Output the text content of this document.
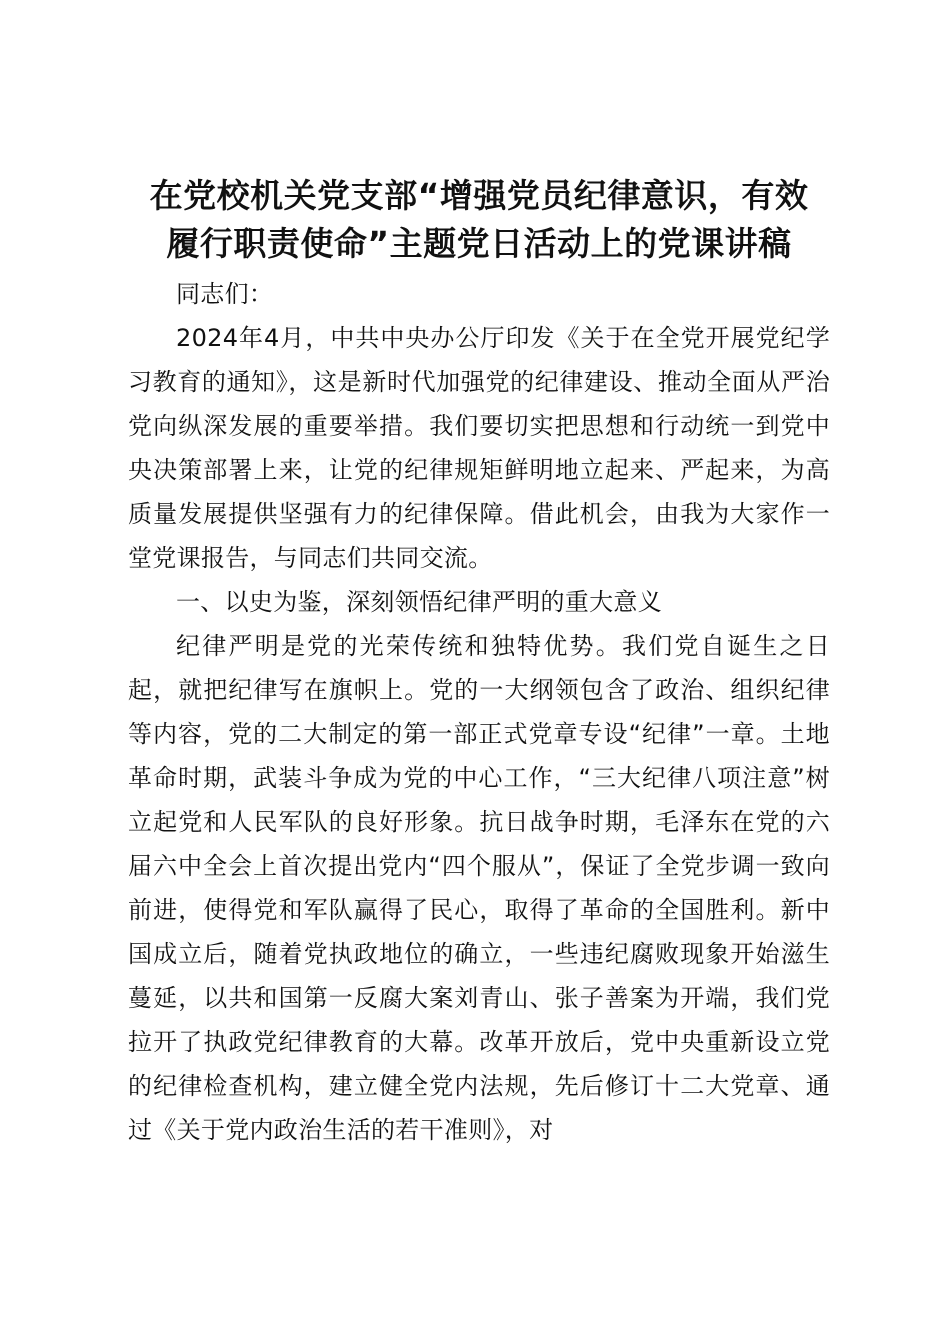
在党校机关党支部“增强党员纪律意识，有效
履行职责使命”主题党日活动上的党课讲稿

同志们：

2024年4月，中共中央办公厅印发《关于在全党开展党纪学习教育的通知》，这是新时代加强党的纪律建设、推动全面从严治党向纵深发展的重要举措。我们要切实把思想和行动统一到党中央决策部署上来，让党的纪律规矩鲜明地立起来、严起来，为高质量发展提供坚强有力的纪律保障。借此机会，由我为大家作一堂党课报告，与同志们共同交流。

一、以史为鉴，深刻领悟纪律严明的重大意义

纪律严明是党的光荣传统和独特优势。我们党自诞生之日起，就把纪律写在旗帜上。党的一大纲领包含了政治、组织纪律等内容，党的二大制定的第一部正式党章专设“纪律”一章。土地革命时期，武装斗争成为党的中心工作，“三大纪律八项注意”树立起党和人民军队的良好形象。抗日战争时期，毛泽东在党的六届六中全会上首次提出党内“四个服从”，保证了全党步调一致向前进，使得党和军队赢得了民心，取得了革命的全国胜利。新中国成立后，随着党执政地位的确立，一些违纪腐败现象开始滋生蔓延，以共和国第一反腐大案刘青山、张子善案为开端，我们党拉开了执政党纪律教育的大幕。改革开放后，党中央重新设立党的纪律检查机构，建立健全党内法规，先后修订十二大党章、通过《关于党内政治生活的若干准则》，对
